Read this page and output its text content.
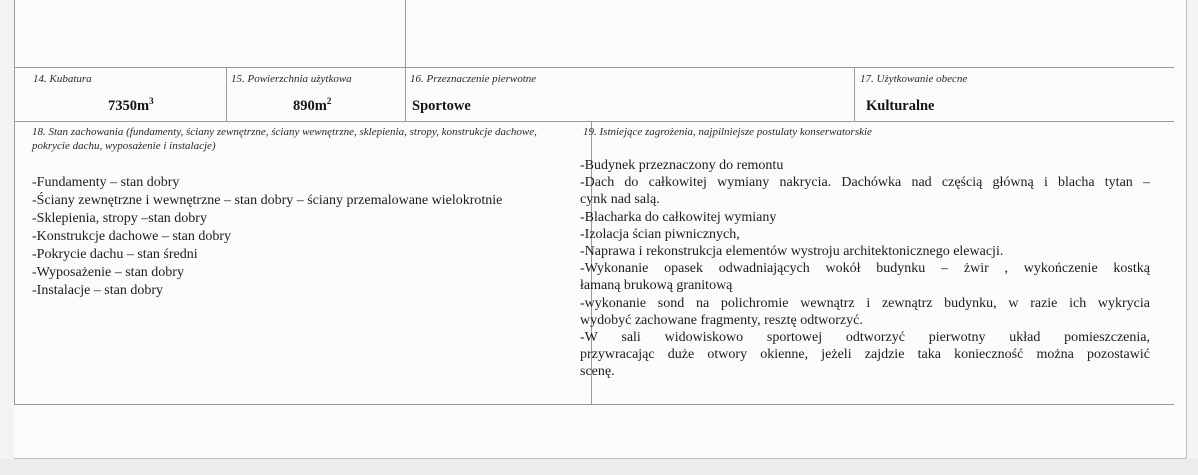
14. Kubatura
$7350m^3$
15. Powierzchnia użytkowa
$890m^2$
16. Przeznaczenie pierwotne
Sportowe
17. Użytkowanie obecne
Kulturalne
18. Stan zachowania (fundamenty, ściany zewnętrzne, ściany wewnętrzne, sklepienia, stropy, konstrukcje dachowe, pokrycie dachu, wyposażenie i instalacje)
-Fundamenty – stan dobry
-Ściany zewnętrzne i wewnętrzne – stan dobry – ściany przemalowane wielokrotnie
-Sklepienia, stropy –stan dobry
-Konstrukcje dachowe – stan dobry
-Pokrycie dachu – stan średni
-Wyposażenie – stan dobry
-Instalacje – stan dobry
19. Istniejące zagrożenia, najpilniejsze postulaty konserwatorskie
-Budynek przeznaczony do remontu
-Dach do całkowitej wymiany nakrycia. Dachówka nad częścią główną i blacha tytan –
cynk nad salą.
-Blacharka do całkowitej wymiany
-Izolacja ścian piwnicznych,
-Naprawa i rekonstrukcja elementów wystroju architektonicznego elewacji.
-Wykonanie opasek odwadniających wokół budynku – żwir , wykończenie kostką
łamaną brukową granitową
-wykonanie sond na polichromie wewnątrz i zewnątrz budynku, w razie ich wykrycia
wydobyć zachowane fragmenty, resztę odtworzyć.
-W sali widowiskowo sportowej odtworzyć pierwotny układ pomieszczenia,
przywracając duże otwory okienne, jeżeli zajdzie taka konieczność można pozostawić
scenę.
